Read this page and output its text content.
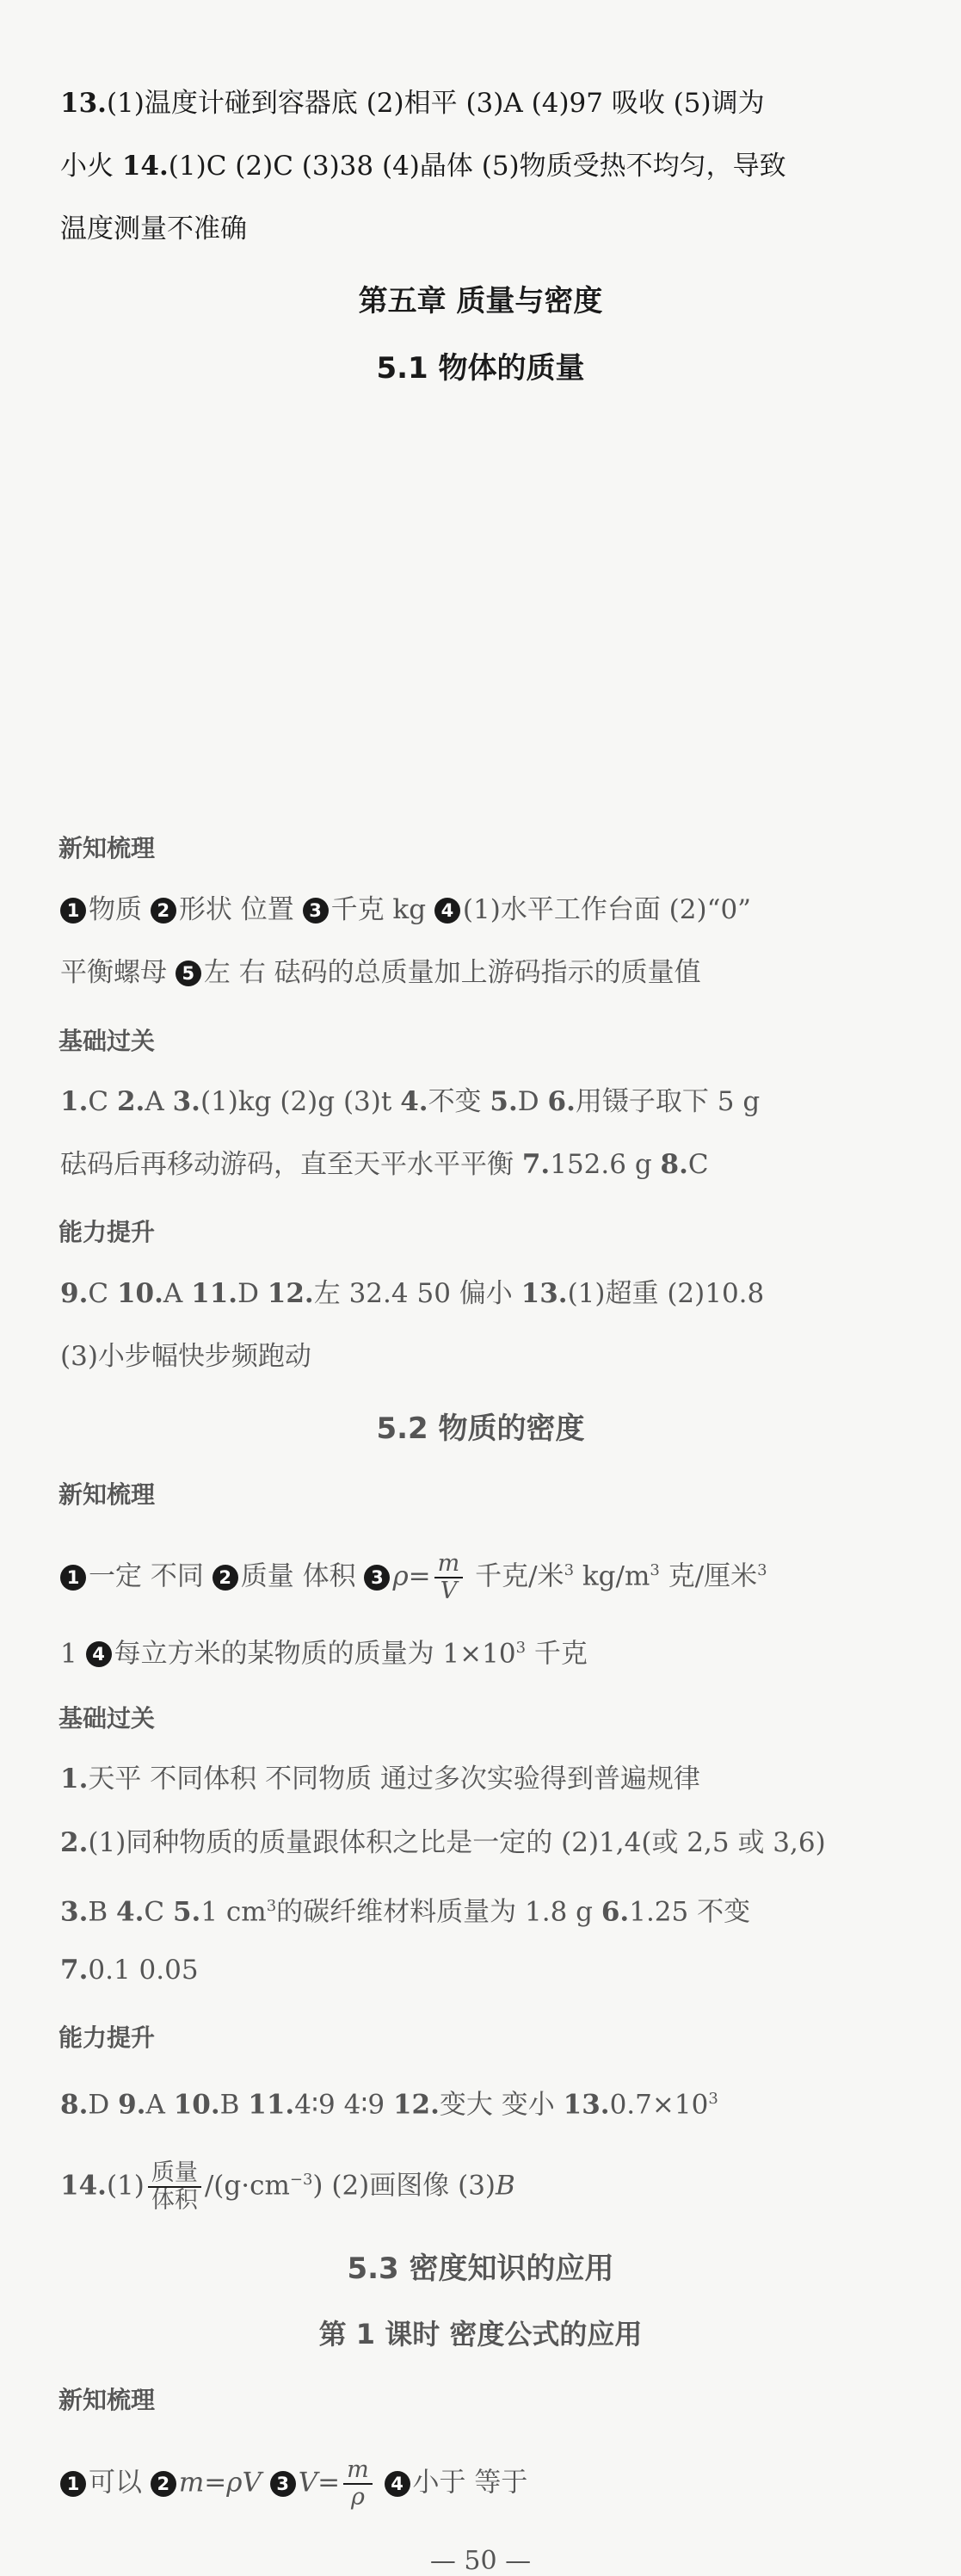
13.(1)温度计碰到容器底 (2)相平 (3)A (4)97 吸收 (5)调为
小火 14.(1)C (2)C (3)38 (4)晶体 (5)物质受热不均匀，导致
温度测量不准确
第五章 质量与密度
5.1 物体的质量
新知梳理
1 物质 2 形状 位置 3 千克 kg 4 (1)水平工作台面 (2)“0”
平衡螺母 5 左 右 砝码的总质量加上游码指示的质量值
基础过关
1.C 2.A 3.(1)kg (2)g (3)t 4.不变 5.D 6.用镊子取下 5 g
砝码后再移动游码，直至天平水平平衡 7.152.6 g 8.C
能力提升
9.C 10.A 11.D 12.左 32.4 50 偏小 13.(1)超重 (2)10.8
(3)小步幅快步频跑动
5.2 物质的密度
新知梳理
1 一定 不同 2 质量 体积 3 $\rho= \frac{m}{V}$ 千克/米$^3$ $kg/m^3$ 克/厘米$^3$
1 4 每立方米的某物质的质量为 $1\times 10^3$ 千克
基础过关
1.天平 不同体积 不同物质 通过多次实验得到普遍规律
2.(1)同种物质的质量跟体积之比是一定的 (2)1,4(或 2,5 或 3,6)
3.B 4.C 5.1 $cm^3$的碳纤维材料质量为 1.8 g 6.1.25 不变
7.0.1 0.05
能力提升
8.D 9.A 10.B 11.4∶9 4∶9 12.变大 变小 $13.0.7\times 10^3$
$14.(1) \frac{\text{质量}}{\text{体积}} /(g\cdot cm^{-3})$ (2)画图像 (3)B
5.3 密度知识的应用
第 1 课时 密度公式的应用
新知梳理
1 可以 2 m=ρV 3 $V= \frac{m}{\rho} 4$ 小于 等于
— 50 —
